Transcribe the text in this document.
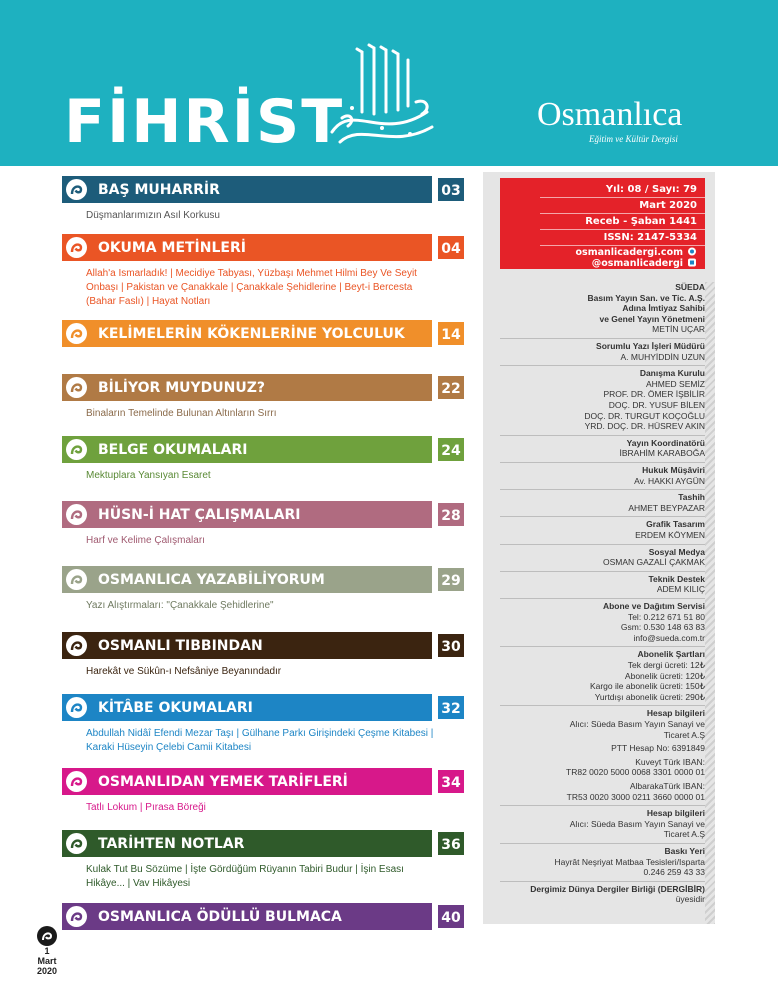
FİHRİST	Osmanlıca
Eğitim ve Kültür Dergisi
BAŞ MUHARRİR	03
Düşmanlarımızın Asıl Korkusu
OKUMA METİNLERİ	04
Allah'a Ismarladık! | Mecidiye Tabyası, Yüzbaşı Mehmet Hilmi Bey Ve Seyit Onbaşı | Pakistan ve Çanakkale | Çanakkale Şehidlerine | Beyt-i Bercesta (Bahar Faslı) | Hayat Notları
KELİMELERİN KÖKENLERİNE YOLCULUK	14
BİLİYOR MUYDUNUZ?	22
Binaların Temelinde Bulunan Altınların Sırrı
BELGE OKUMALARI	24
Mektuplara Yansıyan Esaret
HÜSN-İ HAT ÇALIŞMALARI	28
Harf ve Kelime Çalışmaları
OSMANLICA YAZABİLİYORUM	29
Yazı Alıştırmaları: "Çanakkale Şehidlerine"
OSMANLI TIBBINDAN	30
Harekât ve Sükûn-ı Nefsâniye Beyanındadır
KİTÂBE OKUMALARI	32
Abdullah Nidâî Efendi Mezar Taşı | Gülhane Parkı Girişindeki Çeşme Kitabesi | Karaki Hüseyin Çelebi Camii Kitabesi
OSMANLIDAN YEMEK TARİFLERİ	34
Tatlı Lokum | Pırasa Böreği
TARİHTEN NOTLAR	36
Kulak Tut Bu Sözüme | İşte Gördüğüm Rüyanın Tabiri Budur | İşin Esası Hikâye... | Vav Hikâyesi
OSMANLICA ÖDÜLLÜ BULMACA	40
Yıl: 08 / Sayı: 79
Mart 2020
Receb - Şaban 1441
ISSN: 2147-5334
osmanlicadergi.com
@osmanlicadergi
SÜEDA
Basım Yayın San. ve Tic. A.Ş.
Adına İmtiyaz Sahibi
ve Genel Yayın Yönetmeni
METİN UÇAR
Sorumlu Yazı İşleri Müdürü
A. MUHYİDDİN UZUN
Danışma Kurulu
AHMED SEMİZ
PROF. DR. ÖMER İŞBİLİR
DOÇ. DR. YUSUF BİLEN
DOÇ. DR. TURGUT KOÇOĞLU
YRD. DOÇ. DR. HÜSREV AKIN
Yayın Koordinatörü
İBRAHİM KARABOĞA
Hukuk Müşâviri
Av. HAKKI AYGÜN
Tashih
AHMET BEYPAZAR
Grafik Tasarım
ERDEM KÖYMEN
Sosyal Medya
OSMAN GAZALİ ÇAKMAK
Teknik Destek
ADEM KILIÇ
Abone ve Dağıtım Servisi
Tel: 0.212 671 51 80
Gsm: 0.530 148 63 83
info@sueda.com.tr
Abonelik Şartları
Tek dergi ücreti: 12₺
Abonelik ücreti: 120₺
Kargo ile abonelik ücreti: 150₺
Yurtdışı abonelik ücreti: 290₺
Hesap bilgileri
Alıcı: Süeda Basım Yayın Sanayi ve
Ticaret A.Ş
PTT Hesap No: 6391849
Kuveyt Türk IBAN:
TR82 0020 5000 0068 3301 0000 01
AlbarakaTürk IBAN:
TR53 0020 3000 0211 3660 0000 01
Hesap bilgileri
Alıcı: Süeda Basım Yayın Sanayi ve
Ticaret A.Ş
Baskı Yeri
Hayrât Neşriyat Matbaa Tesisleri/Isparta
0.246 259 43 33
Dergimiz Dünya Dergiler Birliği (DERGİBİR)
üyesidir
1
Mart
2020
